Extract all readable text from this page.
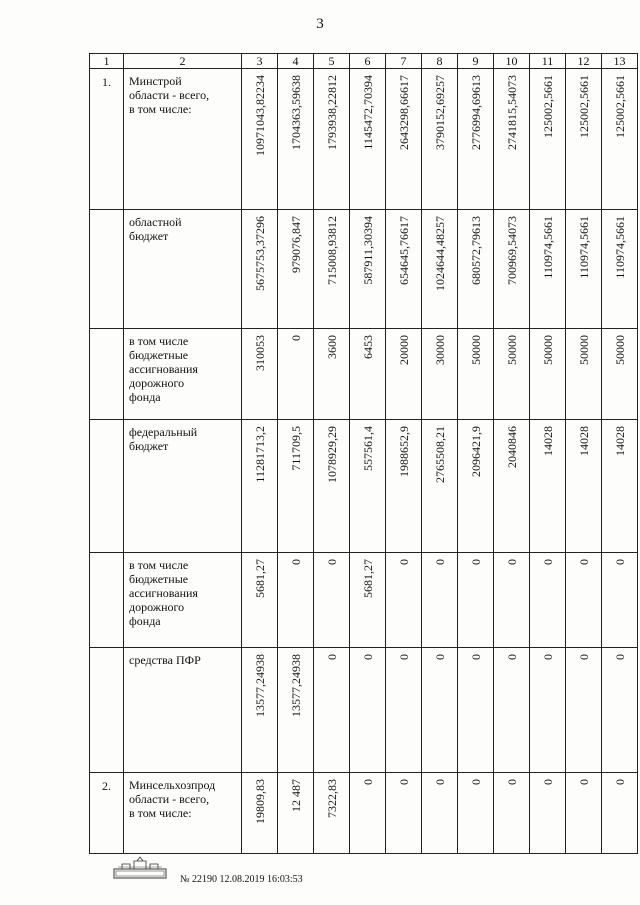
3
1	2	3	4	5	6	7	8	9	10	11	12	13
1.	Минстрой
области - всего,
в том числе:	10971043,82234	1704363,59638	1793938,22812	1145472,70394	2643298,66617	3790152,69257	2776994,69613	2741815,54073	125002,5661	125002,5661	125002,5661

	областной
бюджет	5675753,37296	979076,847	715008,93812	587911,30394	654645,76617	1024644,48257	680572,79613	700969,54073	110974,5661	110974,5661	110974,5661

	в том числе
бюджетные
ассигнования
дорожного
фонда	310053	0	3600	6453	20000	30000	50000	50000	50000	50000	50000

	федеральный
бюджет	11281713,2	711709,5	1078929,29	557561,4	1988652,9	2765508,21	2096421,9	2040846	14028	14028	14028

	в том числе
бюджетные
ассигнования
дорожного
фонда	5681,27	0	0	5681,27	0	0	0	0	0	0	0

	средства ПФР	13577,24938	13577,24938	0	0	0	0	0	0	0	0	0

2.	Минсельхозпрод
области - всего,
в том числе:	19809,83	12 487	7322,83	0	0	0	0	0	0	0	0
№ 22190 12.08.2019 16:03:53
